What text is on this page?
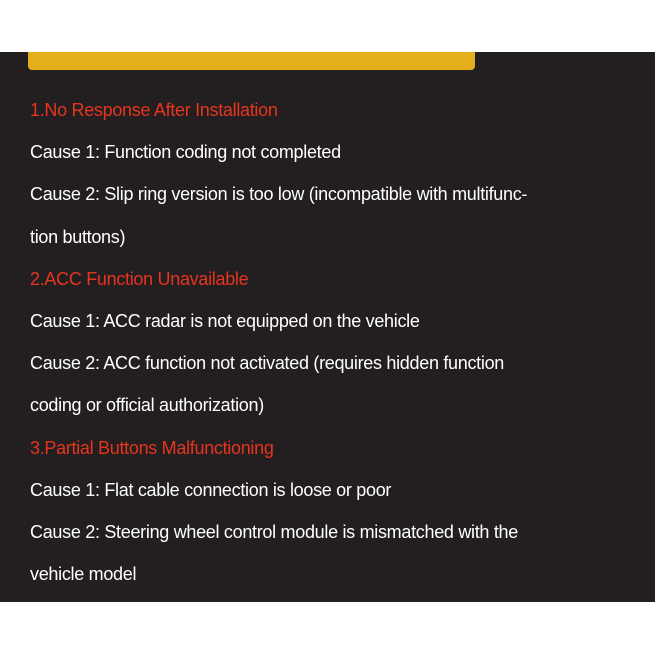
1.No Response After Installation
Cause 1: Function coding not completed
Cause 2: Slip ring version is too low (incompatible with multifunc-
tion buttons)
2.ACC Function Unavailable
Cause 1: ACC radar is not equipped on the vehicle
Cause 2: ACC function not activated (requires hidden function
coding or official authorization)
3.Partial Buttons Malfunctioning
Cause 1: Flat cable connection is loose or poor
Cause 2: Steering wheel control module is mismatched with the
vehicle model
